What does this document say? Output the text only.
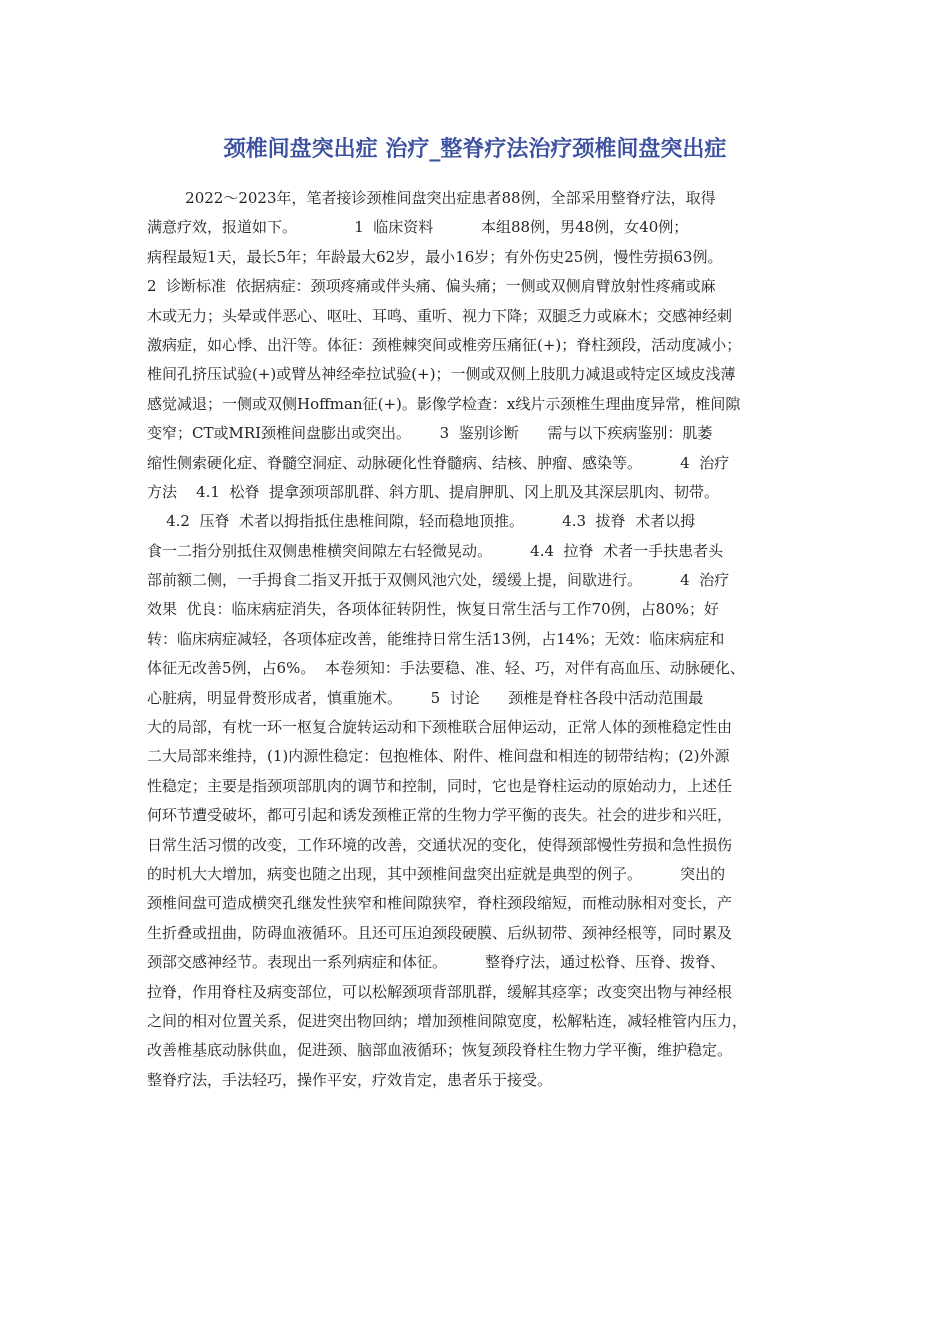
颈椎间盘突出症 治疗_整脊疗法治疗颈椎间盘突出症
2022～2023年，笔者接诊颈椎间盘突出症患者88例，全部采用整脊疗法，取得
满意疗效，报道如下。            1  临床资料          本组88例，男48例，女40例；
病程最短1天，最长5年；年龄最大62岁，最小16岁；有外伤史25例，慢性劳损63例。
2  诊断标准  依据病症：颈项疼痛或伴头痛、偏头痛；一侧或双侧肩臂放射性疼痛或麻
木或无力；头晕或伴恶心、呕吐、耳鸣、重听、视力下降；双腿乏力或麻木；交感神经刺
激病症，如心悸、出汗等。体征：颈椎棘突间或椎旁压痛征(+)；脊柱颈段，活动度减小；
椎间孔挤压试验(+)或臂丛神经牵拉试验(+)；一侧或双侧上肢肌力减退或特定区域皮浅薄
感觉减退；一侧或双侧Hoffman征(+)。影像学检查：x线片示颈椎生理曲度异常，椎间隙
变窄；CT或MRI颈椎间盘膨出或突出。      3  鉴别诊断      需与以下疾病鉴别：肌萎
缩性侧索硬化症、脊髓空洞症、动脉硬化性脊髓病、结核、肿瘤、感染等。        4  治疗
方法    4.1  松脊  提拿颈项部肌群、斜方肌、提肩胛肌、冈上肌及其深层肌肉、韧带。
4.2  压脊  术者以拇指抵住患椎间隙，轻而稳地顶推。        4.3  拔脊  术者以拇
食一二指分别抵住双侧患椎横突间隙左右轻微晃动。        4.4  拉脊  术者一手扶患者头
部前额二侧，一手拇食二指叉开抵于双侧风池穴处，缓缓上提，间歇进行。        4  治疗
效果  优良：临床病症消失，各项体征转阴性，恢复日常生活与工作70例，占80%；好
转：临床病症减轻，各项体症改善，能维持日常生活13例，占14%；无效：临床病症和
体征无改善5例，占6%。  本卷须知：手法要稳、准、轻、巧，对伴有高血压、动脉硬化、
心脏病，明显骨赘形成者，慎重施术。      5  讨论      颈椎是脊柱各段中活动范围最
大的局部，有枕一环一枢复合旋转运动和下颈椎联合屈伸运动，正常人体的颈椎稳定性由
二大局部来维持，(1)内源性稳定：包抱椎体、附件、椎间盘和相连的韧带结构；(2)外源
性稳定；主要是指颈项部肌肉的调节和控制，同时，它也是脊柱运动的原始动力，上述任
何环节遭受破坏，都可引起和诱发颈椎正常的生物力学平衡的丧失。社会的进步和兴旺，
日常生活习惯的改变，工作环境的改善，交通状况的变化，使得颈部慢性劳损和急性损伤
的时机大大增加，病变也随之出现，其中颈椎间盘突出症就是典型的例子。        突出的
颈椎间盘可造成横突孔继发性狭窄和椎间隙狭窄，脊柱颈段缩短，而椎动脉相对变长，产
生折叠或扭曲，防碍血液循环。且还可压迫颈段硬膜、后纵韧带、颈神经根等，同时累及
颈部交感神经节。表现出一系列病症和体征。        整脊疗法，通过松脊、压脊、拨脊、
拉脊，作用脊柱及病变部位，可以松解颈项背部肌群，缓解其痉挛；改变突出物与神经根
之间的相对位置关系，促进突出物回纳；增加颈椎间隙宽度，松解粘连，减轻椎管内压力，
改善椎基底动脉供血，促进颈、脑部血液循环；恢复颈段脊柱生物力学平衡，维护稳定。
整脊疗法，手法轻巧，操作平安，疗效肯定，患者乐于接受。
